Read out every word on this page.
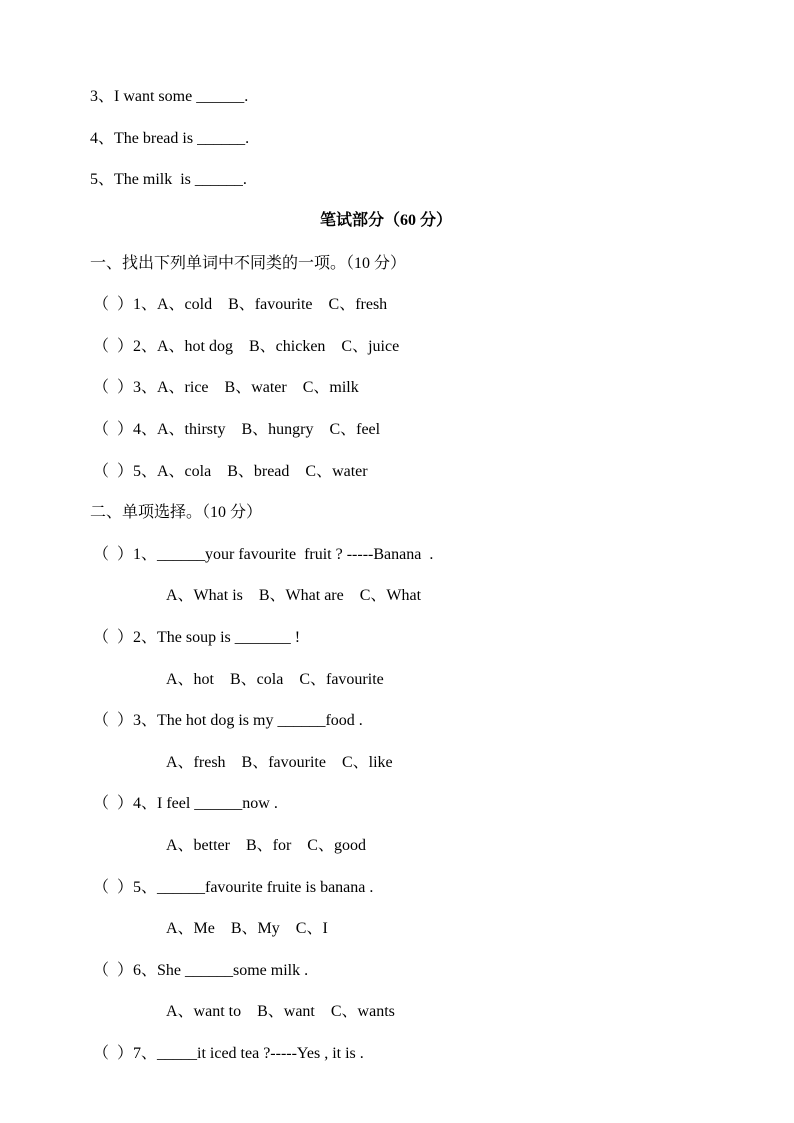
3、I want some ______.
4、The bread is ______.
5、The milk  is ______.
笔试部分（60 分）
一、找出下列单词中不同类的一项。（10 分）
（  ）1、A、cold    B、favourite    C、fresh
（  ）2、A、hot dog    B、chicken    C、juice
（  ）3、A、rice    B、water    C、milk
（  ）4、A、thirsty    B、hungry    C、feel
（  ）5、A、cola    B、bread    C、water
二、单项选择。（10 分）
（  ）1、______your favourite  fruit ? -----Banana  .
A、What is    B、What are    C、What
（  ）2、The soup is _______ !
A、hot    B、cola    C、favourite
（  ）3、The hot dog is my ______food .
A、fresh    B、favourite    C、like
（  ）4、I feel ______now .
A、better    B、for    C、good
（  ）5、______favourite fruite is banana .
A、Me    B、My    C、I
（  ）6、She ______some milk .
A、want to    B、want    C、wants
（  ）7、_____it iced tea ?-----Yes , it is .
